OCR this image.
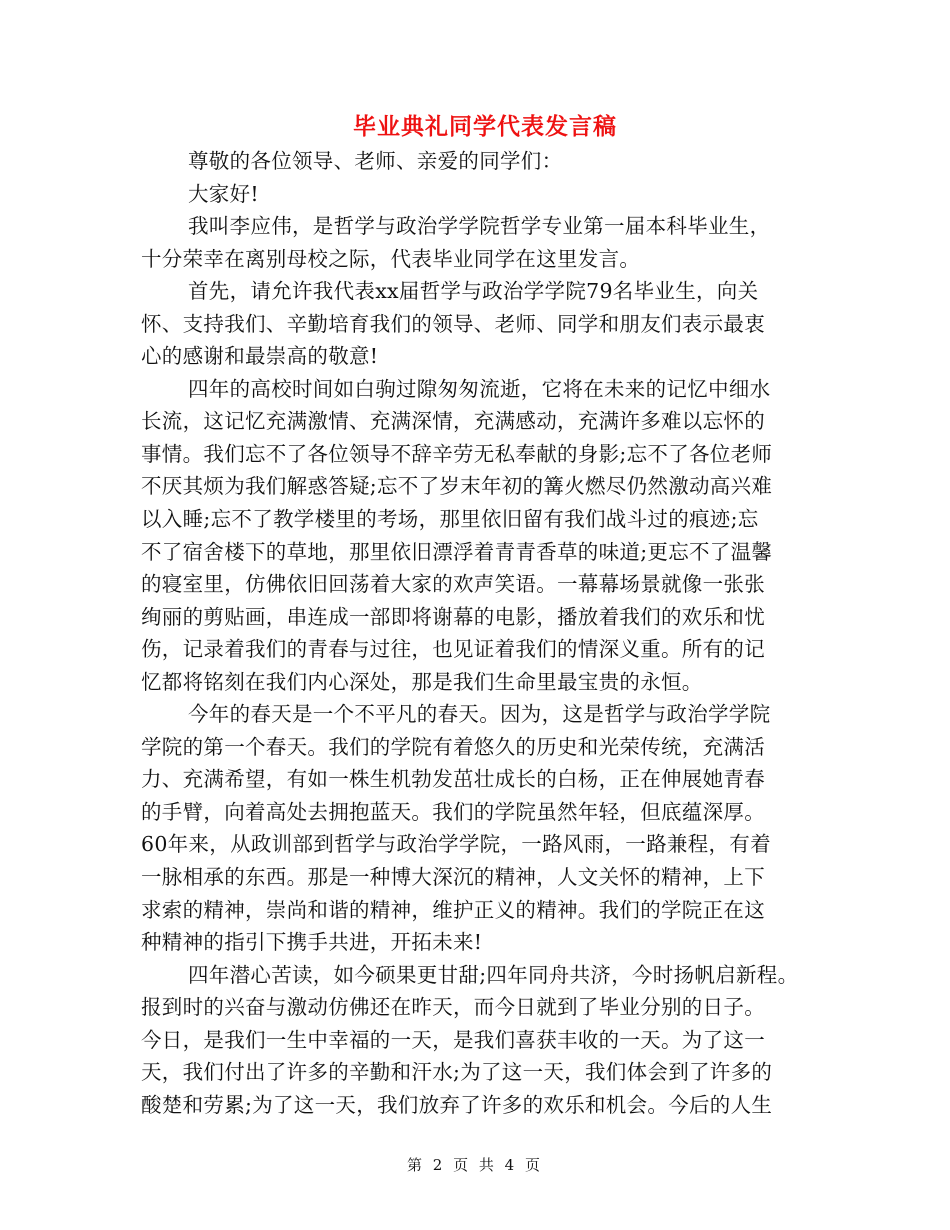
毕业典礼同学代表发言稿
尊敬的各位领导、老师、亲爱的同学们：
大家好!
我叫李应伟，是哲学与政治学学院哲学专业第一届本科毕业生，
十分荣幸在离别母校之际，代表毕业同学在这里发言。
首先，请允许我代表xx届哲学与政治学学院79名毕业生，向关
怀、支持我们、辛勤培育我们的领导、老师、同学和朋友们表示最衷
心的感谢和最崇高的敬意!
四年的高校时间如白驹过隙匆匆流逝，它将在未来的记忆中细水
长流，这记忆充满激情、充满深情，充满感动，充满许多难以忘怀的
事情。我们忘不了各位领导不辞辛劳无私奉献的身影;忘不了各位老师
不厌其烦为我们解惑答疑;忘不了岁末年初的篝火燃尽仍然激动高兴难
以入睡;忘不了教学楼里的考场，那里依旧留有我们战斗过的痕迹;忘
不了宿舍楼下的草地，那里依旧漂浮着青青香草的味道;更忘不了温馨
的寝室里，仿佛依旧回荡着大家的欢声笑语。一幕幕场景就像一张张
绚丽的剪贴画，串连成一部即将谢幕的电影，播放着我们的欢乐和忧
伤，记录着我们的青春与过往，也见证着我们的情深义重。所有的记
忆都将铭刻在我们内心深处，那是我们生命里最宝贵的永恒。
今年的春天是一个不平凡的春天。因为，这是哲学与政治学学院
学院的第一个春天。我们的学院有着悠久的历史和光荣传统，充满活
力、充满希望，有如一株生机勃发茁壮成长的白杨，正在伸展她青春
的手臂，向着高处去拥抱蓝天。我们的学院虽然年轻，但底蕴深厚。
60年来，从政训部到哲学与政治学学院，一路风雨，一路兼程，有着
一脉相承的东西。那是一种博大深沉的精神，人文关怀的精神，上下
求索的精神，崇尚和谐的精神，维护正义的精神。我们的学院正在这
种精神的指引下携手共进，开拓未来!
四年潜心苦读，如今硕果更甘甜;四年同舟共济，今时扬帆启新程。
报到时的兴奋与激动仿佛还在昨天，而今日就到了毕业分别的日子。
今日，是我们一生中幸福的一天，是我们喜获丰收的一天。为了这一
天，我们付出了许多的辛勤和汗水;为了这一天，我们体会到了许多的
酸楚和劳累;为了这一天，我们放弃了许多的欢乐和机会。今后的人生
第 2 页 共 4 页
